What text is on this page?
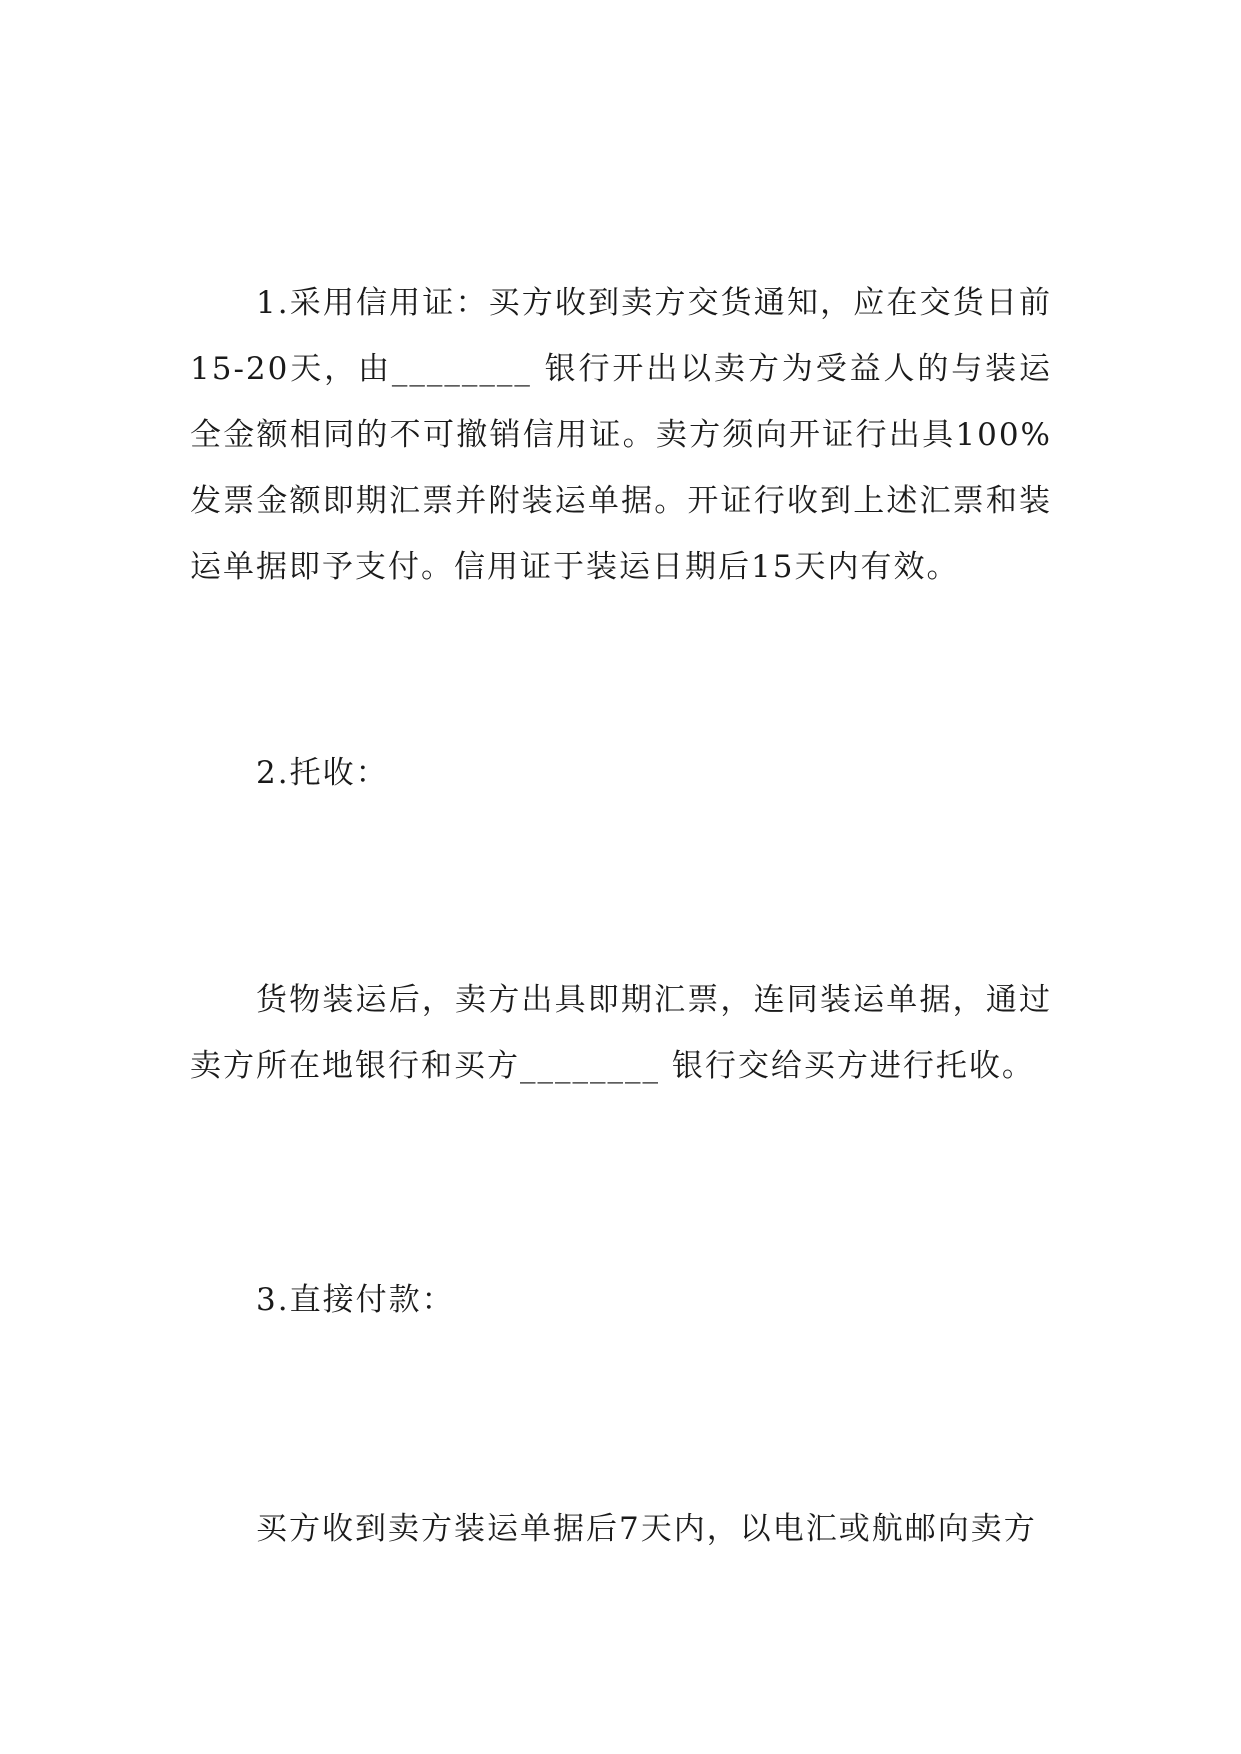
1.采用信用证：买方收到卖方交货通知，应在交货日前15-20天，由________ 银行开出以卖方为受益人的与装运全金额相同的不可撤销信用证。卖方须向开证行出具100%发票金额即期汇票并附装运单据。开证行收到上述汇票和装运单据即予支付。信用证于装运日期后15天内有效。

2.托收：

货物装运后，卖方出具即期汇票，连同装运单据，通过卖方所在地银行和买方________ 银行交给买方进行托收。

3.直接付款：

买方收到卖方装运单据后7天内，以电汇或航邮向卖方
